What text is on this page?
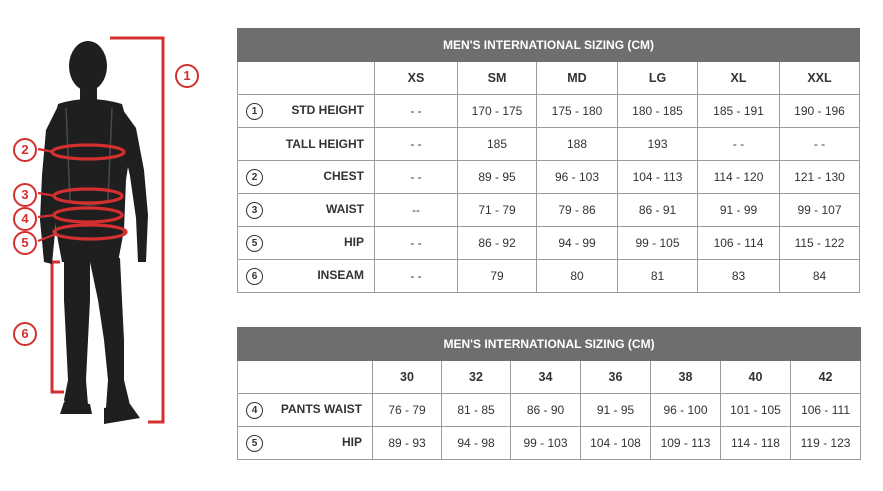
1
2
3
4
5
6
MEN'S INTERNATIONAL SIZING (CM)						
	XS	SM	MD	LG	XL	XXL

1 STD HEIGHT	- -	170 - 175	175 - 180	180 - 185	185 - 191	190 - 196
TALL HEIGHT	- -	185	188	193	- -	- -

2 CHEST	- -	89 - 95	96 - 103	104 - 113	114 - 120	121 - 130

3 WAIST	--	71 - 79	79 - 86	86 - 91	91 - 99	99 - 107

5 HIP	- -	86 - 92	94 - 99	99 - 105	106 - 114	115 - 122

6 INSEAM	- -	79	80	81	83	84
MEN'S INTERNATIONAL SIZING (CM)							
	30	32	34	36	38	40	42

4 PANTS WAIST	76 - 79	81 - 85	86 - 90	91 - 95	96 - 100	101 - 105	106 - 111

5 HIP	89 - 93	94 - 98	99 - 103	104 - 108	109 - 113	114 - 118	119 - 123
